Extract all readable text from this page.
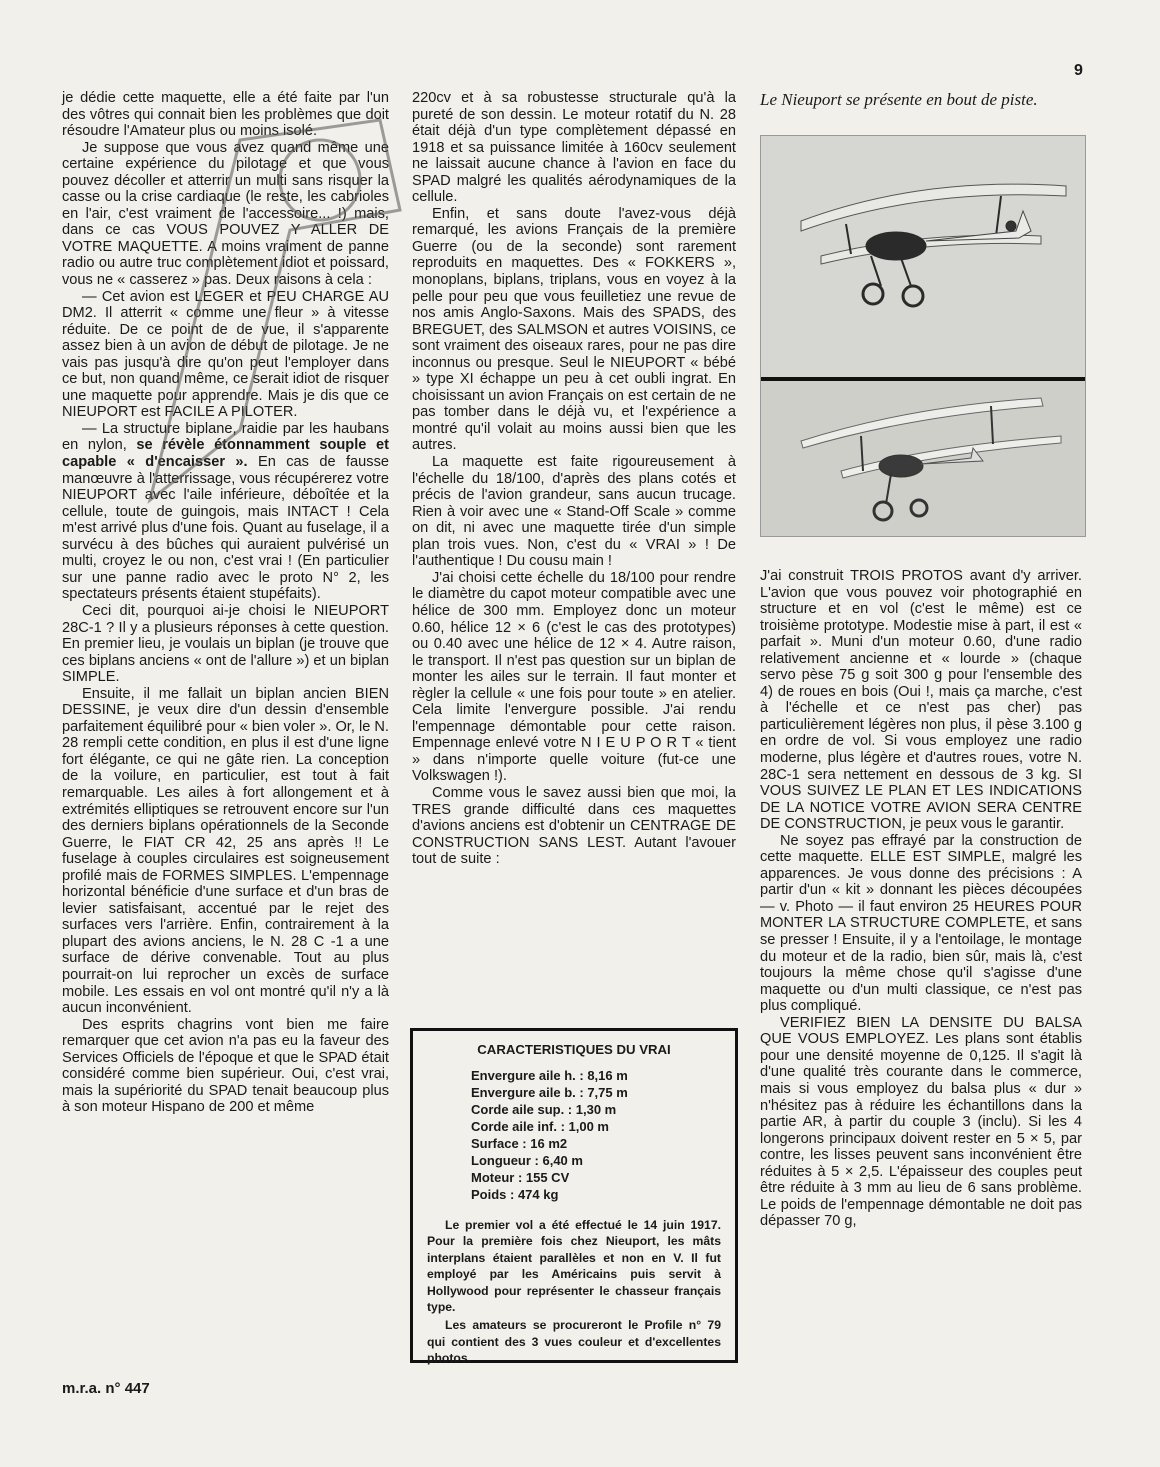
9

je dédie cette maquette, elle a été faite par l'un des vôtres qui connait bien les problèmes que doit résoudre l'Amateur plus ou moins isolé.

Je suppose que vous avez quand même une certaine expérience du pilotage et que vous pouvez décoller et atterrir un multi sans risquer la casse ou la crise cardiaque (le reste, les cabrioles en l'air, c'est vraiment de l'accessoire... !) mais, dans ce cas VOUS POUVEZ Y ALLER DE VOTRE MAQUETTE. A moins vraiment de panne radio ou autre truc complètement idiot et poissard, vous ne « casserez » pas. Deux raisons à cela :

— Cet avion est LEGER et PEU CHARGE AU DM2. Il atterrit « comme une fleur » à vitesse réduite. De ce point de de vue, il s'apparente assez bien à un avion de début de pilotage. Je ne vais pas jusqu'à dire qu'on peut l'employer dans ce but, non quand même, ce serait idiot de risquer une maquette pour apprendre. Mais je dis que ce NIEUPORT est FACILE A PILOTER.

— La structure biplane, raidie par les haubans en nylon, se révèle étonnamment souple et capable « d'encaisser ». En cas de fausse manœuvre à l'atterrissage, vous récupérerez votre NIEUPORT avec l'aile inférieure, déboîtée et la cellule, toute de guingois, mais INTACT ! Cela m'est arrivé plus d'une fois. Quant au fuselage, il a survécu à des bûches qui auraient pulvérisé un multi, croyez le ou non, c'est vrai ! (En particulier sur une panne radio avec le proto N° 2, les spectateurs présents étaient stupéfaits).

Ceci dit, pourquoi ai-je choisi le NIEUPORT 28C-1 ? Il y a plusieurs réponses à cette question. En premier lieu, je voulais un biplan (je trouve que ces biplans anciens « ont de l'allure ») et un biplan SIMPLE.

Ensuite, il me fallait un biplan ancien BIEN DESSINE, je veux dire d'un dessin d'ensemble parfaitement équilibré pour « bien voler ». Or, le N. 28 rempli cette condition, en plus il est d'une ligne fort élégante, ce qui ne gâte rien. La conception de la voilure, en particulier, est tout à fait remarquable. Les ailes à fort allongement et à extrémités elliptiques se retrouvent encore sur l'un des derniers biplans opérationnels de la Seconde Guerre, le FIAT CR 42, 25 ans après !! Le fuselage à couples circulaires est soigneusement profilé mais de FORMES SIMPLES. L'empennage horizontal bénéficie d'une surface et d'un bras de levier satisfaisant, accentué par le rejet des surfaces vers l'arrière. Enfin, contrairement à la plupart des avions anciens, le N. 28 C -1 a une surface de dérive convenable. Tout au plus pourrait-on lui reprocher un excès de surface mobile. Les essais en vol ont montré qu'il n'y a là aucun inconvénient.

Des esprits chagrins vont bien me faire remarquer que cet avion n'a pas eu la faveur des Services Officiels de l'époque et que le SPAD était considéré comme bien supérieur. Oui, c'est vrai, mais la supériorité du SPAD tenait beaucoup plus à son moteur Hispano de 200 et même

220cv et à sa robustesse structurale qu'à la pureté de son dessin. Le moteur rotatif du N. 28 était déjà d'un type complètement dépassé en 1918 et sa puissance limitée à 160cv seulement ne laissait aucune chance à l'avion en face du SPAD malgré les qualités aérodynamiques de la cellule.

Enfin, et sans doute l'avez-vous déjà remarqué, les avions Français de la première Guerre (ou de la seconde) sont rarement reproduits en maquettes. Des « FOKKERS », monoplans, biplans, triplans, vous en voyez à la pelle pour peu que vous feuilletiez une revue de nos amis Anglo-Saxons. Mais des SPADS, des BREGUET, des SALMSON et autres VOISINS, ce sont vraiment des oiseaux rares, pour ne pas dire inconnus ou presque. Seul le NIEUPORT « bébé » type XI échappe un peu à cet oubli ingrat. En choisissant un avion Français on est certain de ne pas tomber dans le déjà vu, et l'expérience a montré qu'il volait au moins aussi bien que les autres.

La maquette est faite rigoureusement à l'échelle du 18/100, d'après des plans cotés et précis de l'avion grandeur, sans aucun trucage. Rien à voir avec une « Stand-Off Scale » comme on dit, ni avec une maquette tirée d'un simple plan trois vues. Non, c'est du « VRAI » ! De l'authentique ! Du cousu main !

J'ai choisi cette échelle du 18/100 pour rendre le diamètre du capot moteur compatible avec une hélice de 300 mm. Employez donc un moteur 0.60, hélice 12 × 6 (c'est le cas des prototypes) ou 0.40 avec une hélice de 12 × 4. Autre raison, le transport. Il n'est pas question sur un biplan de monter les ailes sur le terrain. Il faut monter et règler la cellule « une fois pour toute » en atelier. Cela limite l'envergure possible. J'ai rendu l'empennage démontable pour cette raison. Empennage enlevé votre N I E U P O R T « tient » dans n'importe quelle voiture (fut-ce une Volkswagen !).

Comme vous le savez aussi bien que moi, la TRES grande difficulté dans ces maquettes d'avions anciens est d'obtenir un CENTRAGE DE CONSTRUCTION SANS LEST. Autant l'avouer tout de suite :

Le Nieuport se présente en bout de piste.

J'ai construit TROIS PROTOS avant d'y arriver. L'avion que vous pouvez voir photographié en structure et en vol (c'est le même) est ce troisième prototype. Modestie mise à part, il est « parfait ». Muni d'un moteur 0.60, d'une radio relativement ancienne et « lourde » (chaque servo pèse 75 g soit 300 g pour l'ensemble des 4) de roues en bois (Oui !, mais ça marche, c'est à l'échelle et ce n'est pas cher) pas particulièrement légères non plus, il pèse 3.100 g en ordre de vol. Si vous employez une radio moderne, plus légère et d'autres roues, votre N. 28C-1 sera nettement en dessous de 3 kg. SI VOUS SUIVEZ LE PLAN ET LES INDICATIONS DE LA NOTICE VOTRE AVION SERA CENTRE DE CONSTRUCTION, je peux vous le garantir.

Ne soyez pas effrayé par la construction de cette maquette. ELLE EST SIMPLE, malgré les apparences. Je vous donne des précisions : A partir d'un « kit » donnant les pièces découpées — v. Photo — il faut environ 25 HEURES POUR MONTER LA STRUCTURE COMPLETE, et sans se presser ! Ensuite, il y a l'entoilage, le montage du moteur et de la radio, bien sûr, mais là, c'est toujours la même chose qu'il s'agisse d'une maquette ou d'un multi classique, ce n'est pas plus compliqué.

VERIFIEZ BIEN LA DENSITE DU BALSA QUE VOUS EMPLOYEZ. Les plans sont établis pour une densité moyenne de 0,125. Il s'agit là d'une qualité très courante dans le commerce, mais si vous employez du balsa plus « dur » n'hésitez pas à réduire les échantillons dans la partie AR, à partir du couple 3 (inclu). Si les 4 longerons principaux doivent rester en 5 × 5, par contre, les lisses peuvent sans inconvénient être réduites à 5 × 2,5. L'épaisseur des couples peut être réduite à 3 mm au lieu de 6 sans problème. Le poids de l'empennage démontable ne doit pas dépasser 70 g,

CARACTERISTIQUES DU VRAI
Envergure aile h. : 8,16 m
Envergure aile b. : 7,75 m
Corde aile sup. : 1,30 m
Corde aile inf. : 1,00 m
Surface : 16 m2
Longueur : 6,40 m
Moteur : 155 CV
Poids : 474 kg
Le premier vol a été effectué le 14 juin 1917. Pour la première fois chez Nieuport, les mâts interplans étaient parallèles et non en V. Il fut employé par les Américains puis servit à Hollywood pour représenter le chasseur français type.
Les amateurs se procureront le Profile n° 79 qui contient des 3 vues couleur et d'excellentes photos.
m.r.a. n° 447
